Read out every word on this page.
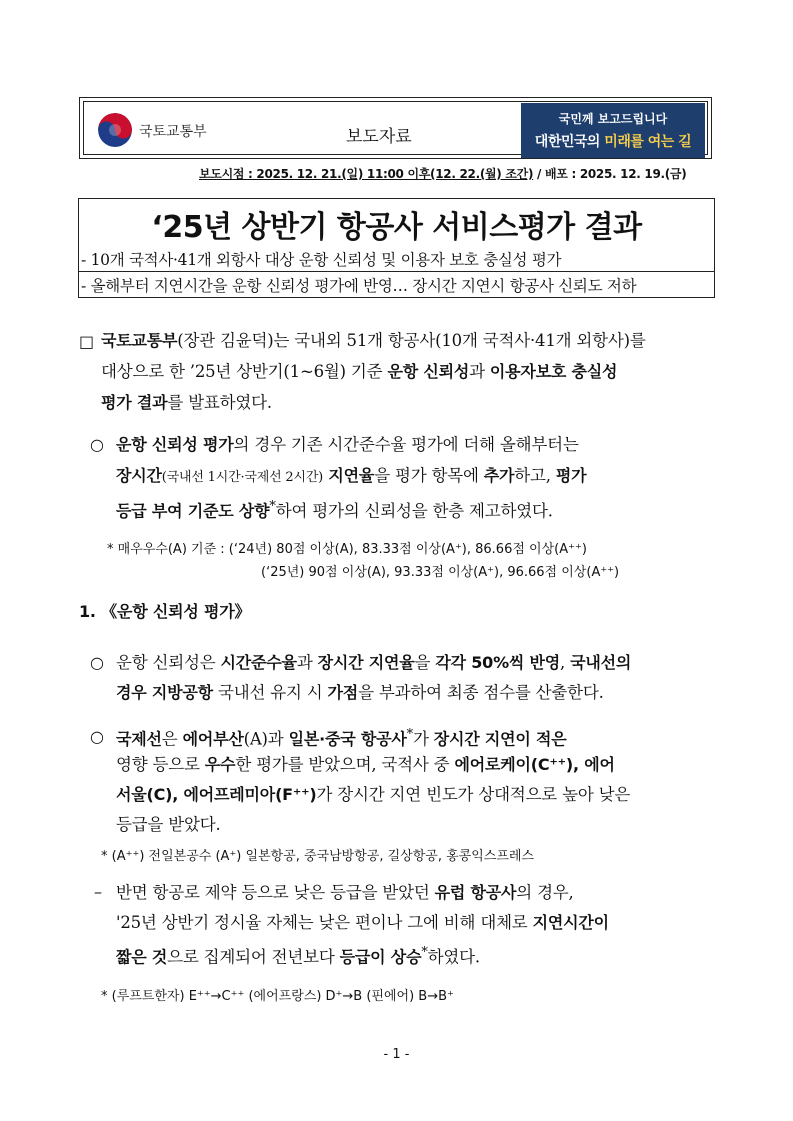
국토교통부	보도자료
국민께 보고드립니다
대한민국의 미래를 여는 길
보도시점 : 2025. 12. 21.(일) 11:00 이후(12. 22.(월) 조간) / 배포 : 2025. 12. 19.(금)
‘25년 상반기 항공사 서비스평가 결과
- 10개 국적사·41개 외항사 대상 운항 신뢰성 및 이용자 보호 충실성 평가
- 올해부터 지연시간을 운항 신뢰성 평가에 반영… 장시간 지연시 항공사 신뢰도 저하
□ 국토교통부(장관 김윤덕)는 국내외 51개 항공사(10개 국적사·41개 외항사)를
대상으로 한 ’25년 상반기(1~6월) 기준 운항 신뢰성과 이용자보호 충실성
평가 결과를 발표하였다.
○ 운항 신뢰성 평가의 경우 기존 시간준수율 평가에 더해 올해부터는
장시간(국내선 1시간·국제선 2시간) 지연율을 평가 항목에 추가하고, 평가
등급 부여 기준도 상향*하여 평가의 신뢰성을 한층 제고하였다.
* 매우우수(A) 기준 : (‘24년) 80점 이상(A), 83.33점 이상(A⁺), 86.66점 이상(A⁺⁺)
(‘25년) 90점 이상(A), 93.33점 이상(A⁺), 96.66점 이상(A⁺⁺)
1. 《운항 신뢰성 평가》
○ 운항 신뢰성은 시간준수율과 장시간 지연율을 각각 50%씩 반영, 국내선의
경우 지방공항 국내선 유지 시 가점을 부과하여 최종 점수를 산출한다.
○ 국제선은 에어부산(A)과 일본·중국 항공사*가 장시간 지연이 적은
영향 등으로 우수한 평가를 받았으며, 국적사 중 에어로케이(C⁺⁺), 에어
서울(C), 에어프레미아(F⁺⁺)가 장시간 지연 빈도가 상대적으로 높아 낮은
등급을 받았다.
* (A⁺⁺) 전일본공수 (A⁺) 일본항공, 중국남방항공, 길상항공, 홍콩익스프레스
– 반면 항공로 제약 등으로 낮은 등급을 받았던 유럽 항공사의 경우,
'25년 상반기 정시율 자체는 낮은 편이나 그에 비해 대체로 지연시간이
짧은 것으로 집계되어 전년보다 등급이 상승*하였다.
* (루프트한자) E⁺⁺→C⁺⁺ (에어프랑스) D⁺→B (핀에어) B→B⁺
- 1 -
